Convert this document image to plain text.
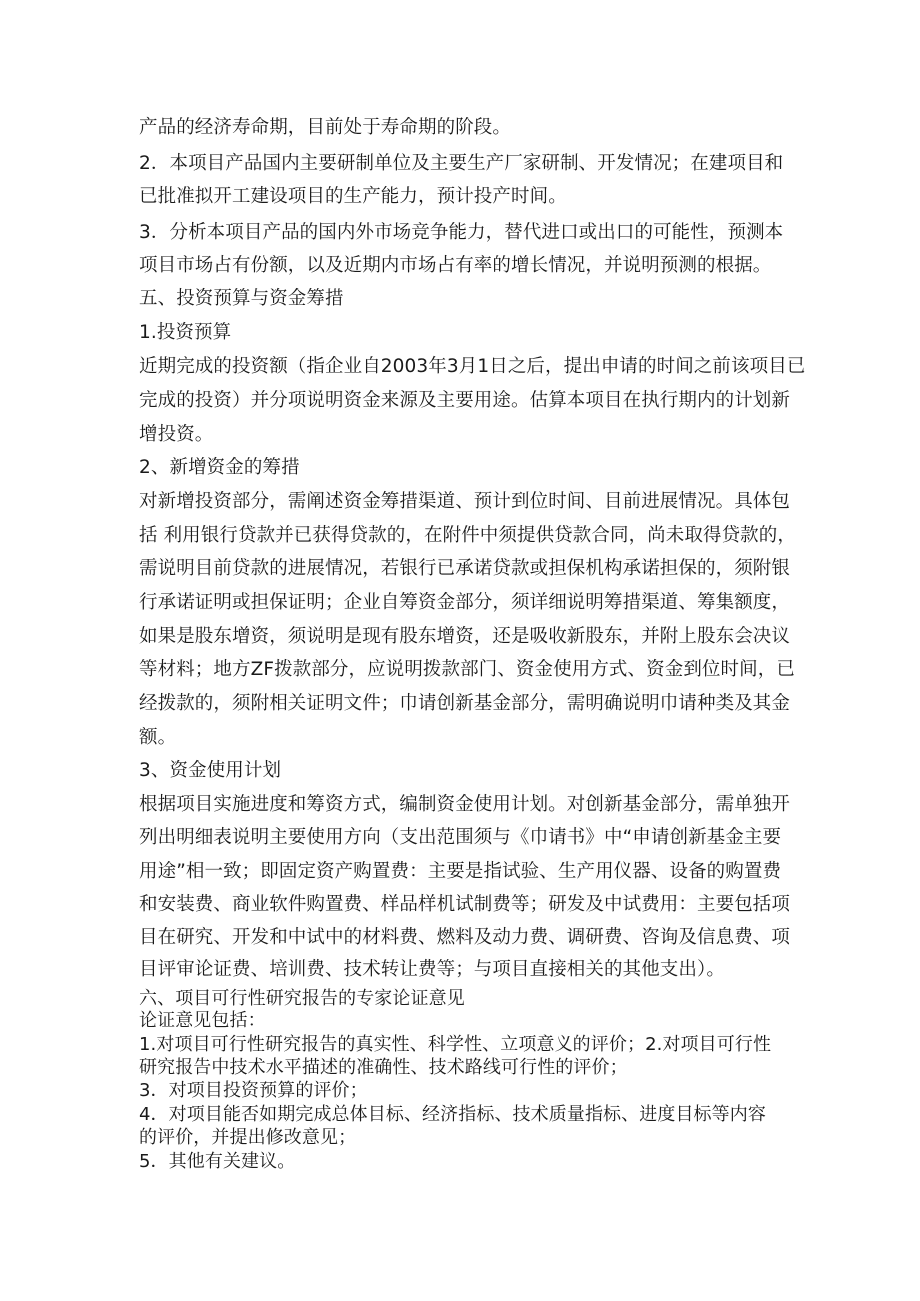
产品的经济寿命期，目前处于寿命期的阶段。
2．本项目产品国内主要研制单位及主要生产厂家研制、开发情况；在建项目和
已批准拟开工建设项目的生产能力，预计投产时间。
3．分析本项目产品的国内外市场竞争能力，替代进口或出口的可能性，预测本
项目市场占有份额，以及近期内市场占有率的增长情况，并说明预测的根据。
五、投资预算与资金筹措
1.投资预算
近期完成的投资额（指企业自2003年3月1日之后，提出申请的时间之前该项目已
完成的投资）并分项说明资金来源及主要用途。估算本项目在执行期内的计划新
增投资。
2、新增资金的筹措
对新增投资部分，需阐述资金筹措渠道、预计到位时间、目前进展情况。具体包
括 利用银行贷款并已获得贷款的，在附件中须提供贷款合同，尚未取得贷款的，
需说明目前贷款的进展情况，若银行已承诺贷款或担保机构承诺担保的，须附银
行承诺证明或担保证明；企业自筹资金部分，须详细说明筹措渠道、筹集额度，
如果是股东增资，须说明是现有股东增资，还是吸收新股东，并附上股东会决议
等材料；地方ZF拨款部分，应说明拨款部门、资金使用方式、资金到位时间，已
经拨款的，须附相关证明文件；巾请创新基金部分，需明确说明巾请种类及其金
额。
3、资金使用计划
根据项目实施进度和筹资方式，编制资金使用计划。对创新基金部分，需单独开
列出明细表说明主要使用方向（支出范围须与《巾请书》中“申请创新基金主要
用途”相一致；即固定资产购置费：主要是指试验、生产用仪器、设备的购置费
和安装费、商业软件购置费、样品样机试制费等；研发及中试费用：主要包括项
目在研究、开发和中试中的材料费、燃料及动力费、调研费、咨询及信息费、项
目评审论证费、培训费、技术转让费等；与项目直接相关的其他支出）。
六、项目可行性研究报告的专家论证意见
论证意见包括：
1.对项目可行性研究报告的真实性、科学性、立项意义的评价；2.对项目可行性
研究报告中技术水平描述的准确性、技术路线可行性的评价；
3．对项目投资预算的评价；
4．对项目能否如期完成总体目标、经济指标、技术质量指标、进度目标等内容
的评价，并提出修改意见；
5．其他有关建议。
